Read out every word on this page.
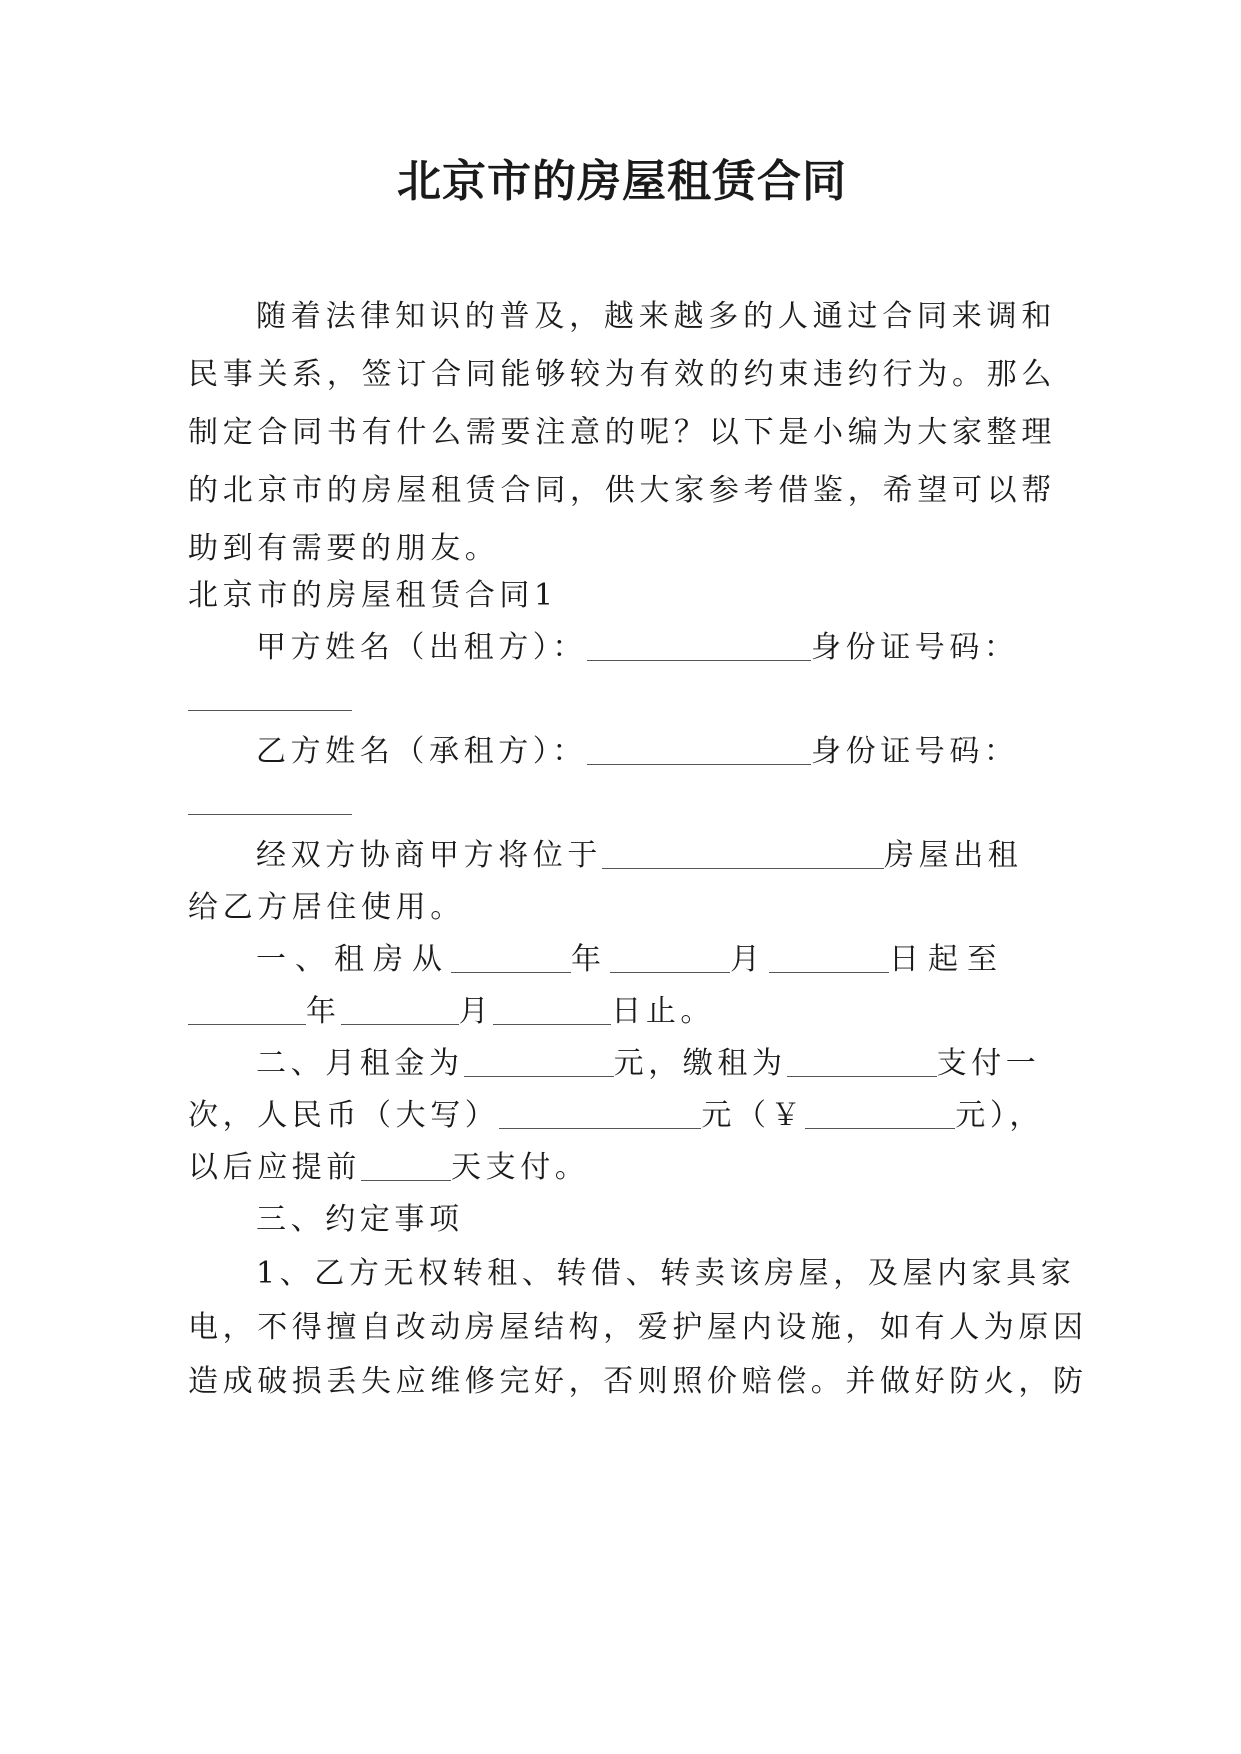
北京市的房屋租赁合同

随着法律知识的普及，越来越多的人通过合同来调和民事关系，签订合同能够较为有效的约束违约行为。那么制定合同书有什么需要注意的呢？以下是小编为大家整理的北京市的房屋租赁合同，供大家参考借鉴，希望可以帮助到有需要的朋友。

北京市的房屋租赁合同1
甲方姓名（出租方）：	身份证号码：
乙方姓名（承租方）：	身份证号码：
经双方协商甲方将位于	房屋出租
给乙方居住使用。
一、租房从	年	月	日起至
年	月	日止。
二、月租金为	元，缴租为	支付一
次，人民币（大写）	元（￥	元），
以后应提前	天支付。
三、约定事项
1、乙方无权转租、转借、转卖该房屋，及屋内家具家
电，不得擅自改动房屋结构，爱护屋内设施，如有人为原因
造成破损丢失应维修完好，否则照价赔偿。并做好防火，防
